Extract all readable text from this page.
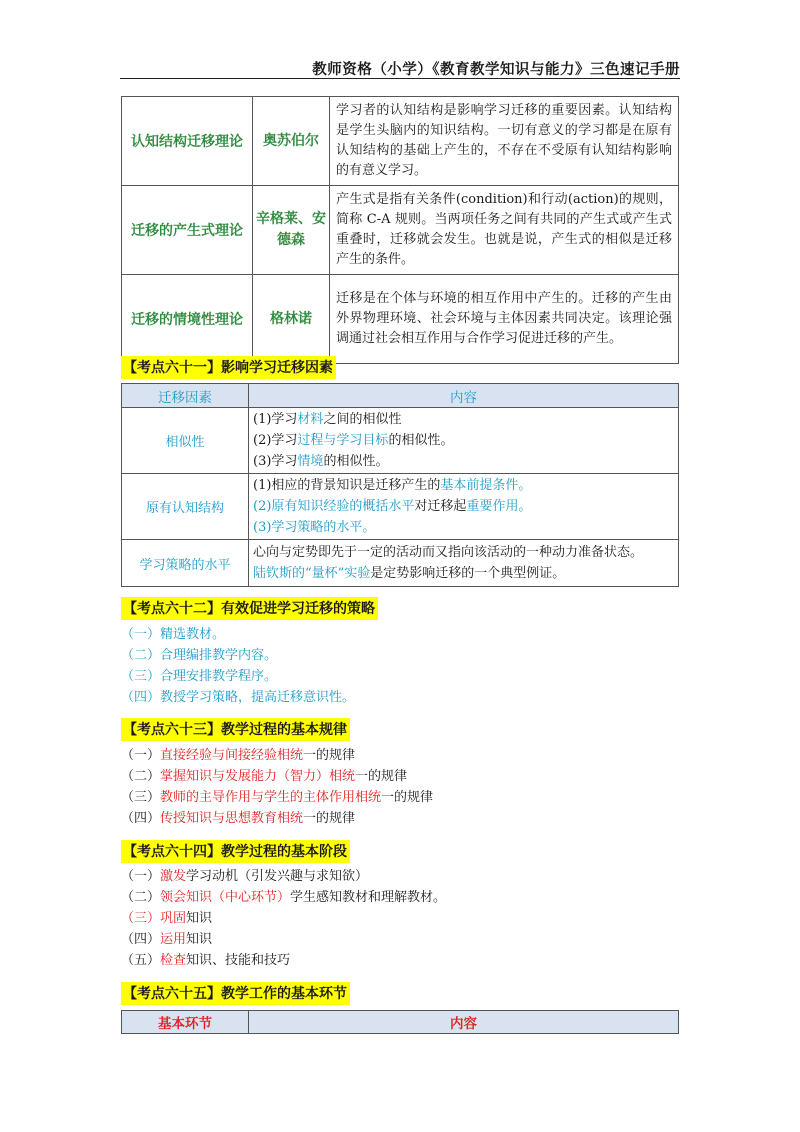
教师资格（小学）《教育教学知识与能力》三色速记手册
认知结构迁移理论	奥苏伯尔	学习者的认知结构是影响学习迁移的重要因素。认知结构是学生头脑内的知识结构。一切有意义的学习都是在原有认知结构的基础上产生的，不存在不受原有认知结构影响的有意义学习。
迁移的产生式理论	辛格莱、安德森	产生式是指有关条件(condition)和行动(action)的规则，简称 C-A 规则。当两项任务之间有共同的产生式或产生式重叠时，迁移就会发生。也就是说，产生式的相似是迁移产生的条件。
迁移的情境性理论	格林诺	迁移是在个体与环境的相互作用中产生的。迁移的产生由外界物理环境、社会环境与主体因素共同决定。该理论强调通过社会相互作用与合作学习促进迁移的产生。
【考点六十一】影响学习迁移因素
迁移因素	内容
相似性	(1)学习材料之间的相似性
(2)学习过程与学习目标的相似性。
(3)学习情境的相似性。

原有认知结构	(1)相应的背景知识是迁移产生的基本前提条件。
(2)原有知识经验的概括水平对迁移起重要作用。
(3)学习策略的水平。

学习策略的水平	心向与定势即先于一定的活动而又指向该活动的一种动力准备状态。
陆钦斯的“量杯”实验是定势影响迁移的一个典型例证。
【考点六十二】有效促进学习迁移的策略
（一）精选教材。
（二）合理编排教学内容。
（三）合理安排教学程序。
（四）教授学习策略，提高迁移意识性。
【考点六十三】教学过程的基本规律
（一）直接经验与间接经验相统一的规律
（二）掌握知识与发展能力（智力）相统一的规律
（三）教师的主导作用与学生的主体作用相统一的规律
（四）传授知识与思想教育相统一的规律
【考点六十四】教学过程的基本阶段
（一）激发学习动机（引发兴趣与求知欲）
（二）领会知识（中心环节）学生感知教材和理解教材。
（三）巩固知识
（四）运用知识
（五）检查知识、技能和技巧
【考点六十五】教学工作的基本环节
基本环节	内容
